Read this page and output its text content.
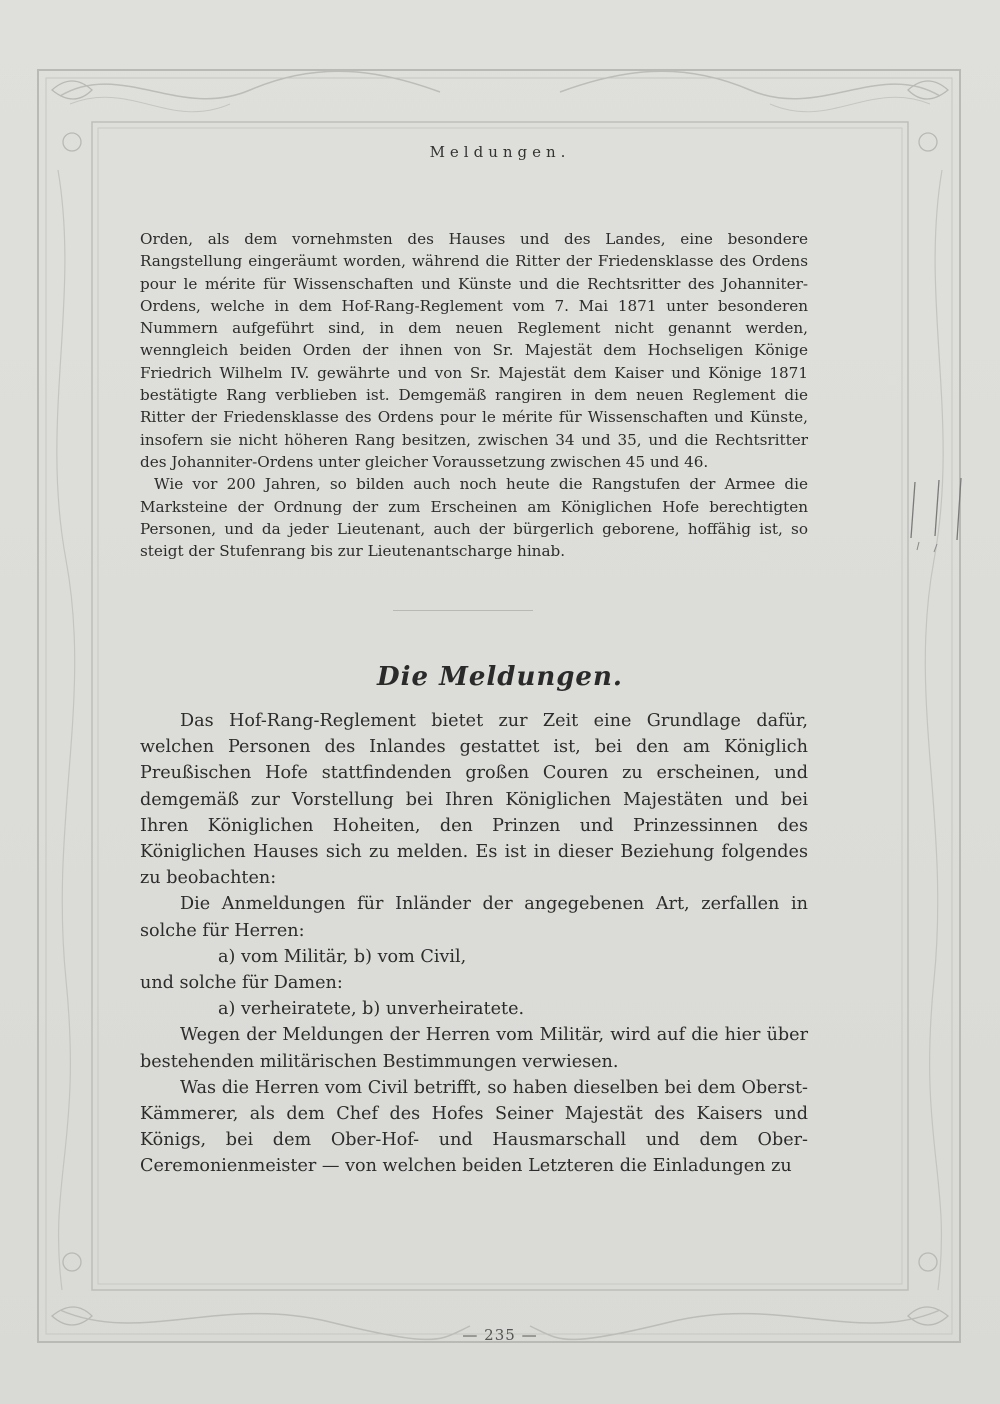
Meldungen.

Orden, als dem vornehmsten des Hauses und des Landes, eine besondere Rangstellung eingeräumt worden, während die Ritter der Friedensklasse des Ordens pour le mérite für Wissenschaften und Künste und die Rechtsritter des Johanniter-Ordens, welche in dem Hof-Rang-Reglement vom 7. Mai 1871 unter besonderen Nummern aufgeführt sind, in dem neuen Reglement nicht genannt werden, wenngleich beiden Orden der ihnen von Sr. Majestät dem Hochseligen Könige Friedrich Wilhelm IV. gewährte und von Sr. Majestät dem Kaiser und Könige 1871 bestätigte Rang verblieben ist. Demgemäß rangiren in dem neuen Reglement die Ritter der Friedensklasse des Ordens pour le mérite für Wissenschaften und Künste, insofern sie nicht höheren Rang besitzen, zwischen 34 und 35, und die Rechtsritter des Johanniter-Ordens unter gleicher Voraussetzung zwischen 45 und 46.

Wie vor 200 Jahren, so bilden auch noch heute die Rangstufen der Armee die Marksteine der Ordnung der zum Erscheinen am Königlichen Hofe berechtigten Personen, und da jeder Lieutenant, auch der bürgerlich geborene, hoffähig ist, so steigt der Stufenrang bis zur Lieutenantscharge hinab.

Die Meldungen.

Das Hof-Rang-Reglement bietet zur Zeit eine Grundlage dafür, welchen Personen des Inlandes gestattet ist, bei den am Königlich Preußischen Hofe stattfindenden großen Couren zu erscheinen, und demgemäß zur Vorstellung bei Ihren Königlichen Majestäten und bei Ihren Königlichen Hoheiten, den Prinzen und Prinzessinnen des Königlichen Hauses sich zu melden. Es ist in dieser Beziehung folgendes zu beobachten:

Die Anmeldungen für Inländer der angegebenen Art, zerfallen in solche für Herren:

a) vom Militär, b) vom Civil,

und solche für Damen:

a) verheiratete, b) unverheiratete.

Wegen der Meldungen der Herren vom Militär, wird auf die hier über bestehenden militärischen Bestimmungen verwiesen.

Was die Herren vom Civil betrifft, so haben dieselben bei dem Oberst-Kämmerer, als dem Chef des Hofes Seiner Majestät des Kaisers und Königs, bei dem Ober-Hof- und Hausmarschall und dem Ober-Ceremonienmeister — von welchen beiden Letzteren die Einladungen zu

— 235 —
